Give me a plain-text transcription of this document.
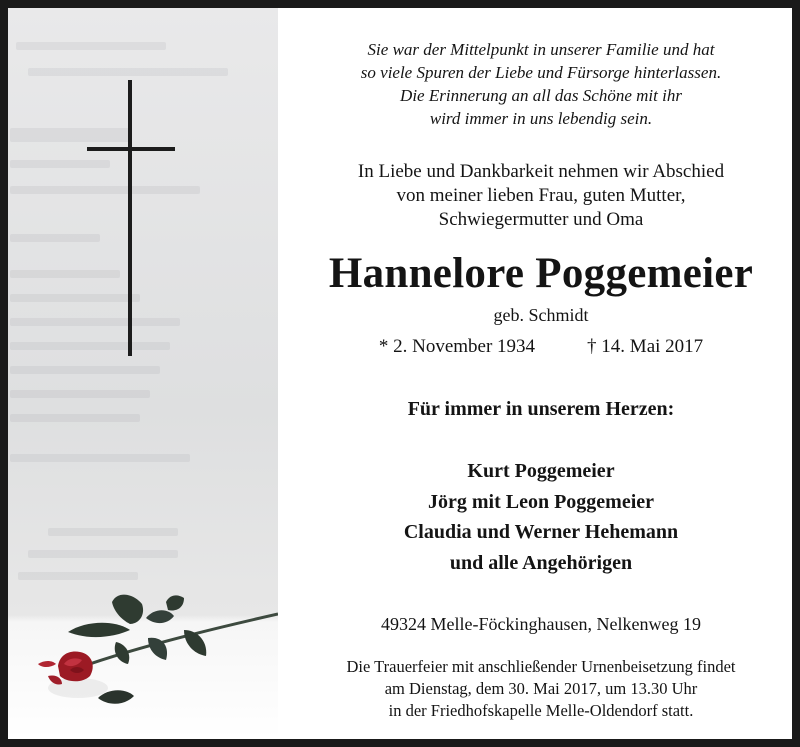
Sie war der Mittelpunkt in unserer Familie und hat
so viele Spuren der Liebe und Fürsorge hinterlassen.
Die Erinnerung an all das Schöne mit ihr
wird immer in uns lebendig sein.
In Liebe und Dankbarkeit nehmen wir Abschied
von meiner lieben Frau, guten Mutter,
Schwiegermutter und Oma
Hannelore Poggemeier
geb. Schmidt
* 2. November 1934	† 14. Mai 2017
Für immer in unserem Herzen:
Kurt Poggemeier
Jörg mit Leon Poggemeier
Claudia und Werner Hehemann
und alle Angehörigen
49324 Melle-Föckinghausen, Nelkenweg 19
Die Trauerfeier mit anschließender Urnenbeisetzung findet
am Dienstag, dem 30. Mai 2017, um 13.30 Uhr
in der Friedhofskapelle Melle-Oldendorf statt.
